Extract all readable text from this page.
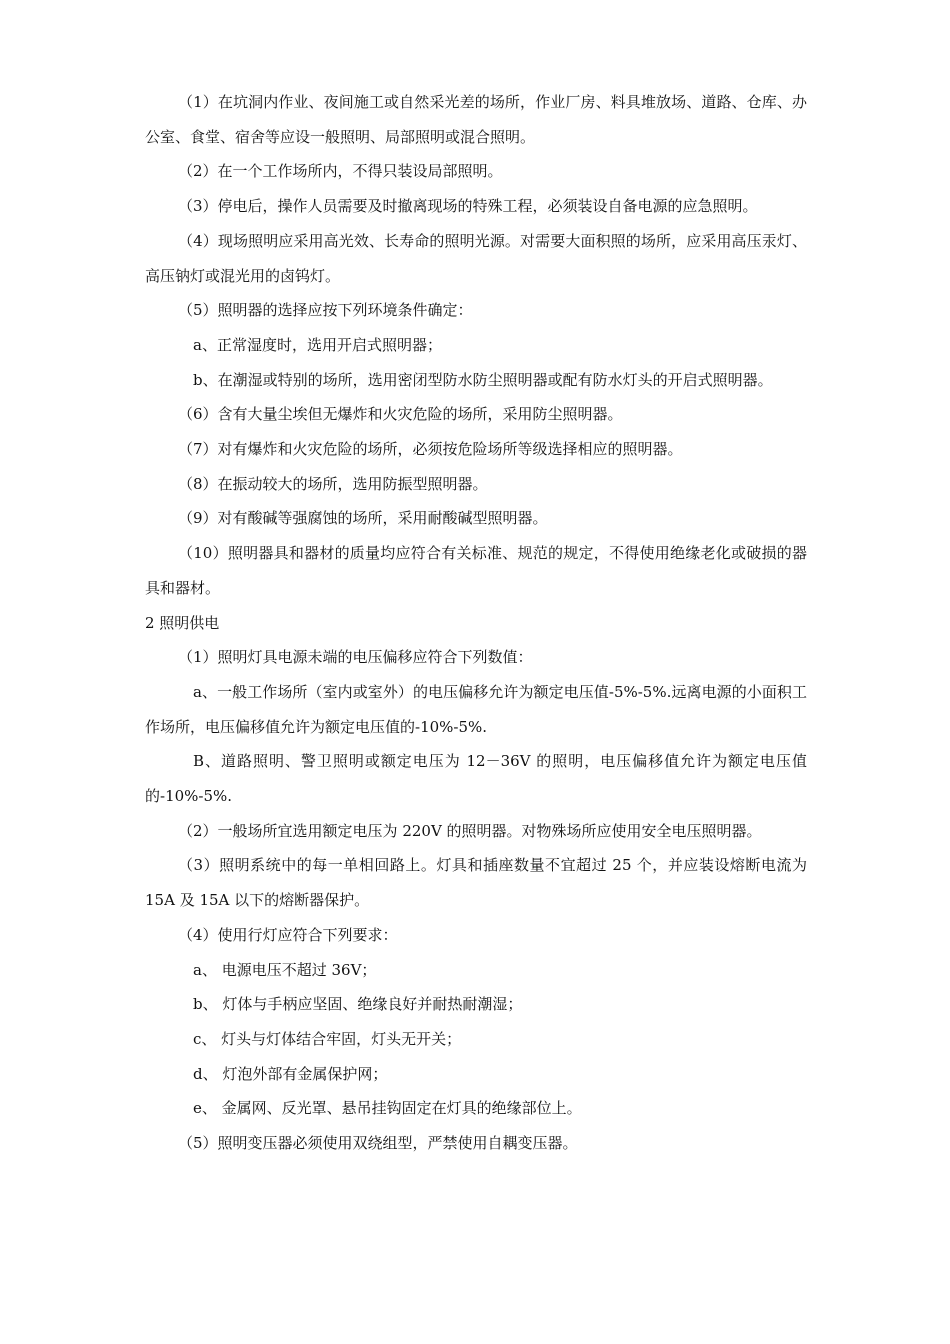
（1）在坑洞内作业、夜间施工或自然采光差的场所，作业厂房、料具堆放场、道路、仓库、办公室、食堂、宿舍等应设一般照明、局部照明或混合照明。

（2）在一个工作场所内，不得只装设局部照明。

（3）停电后，操作人员需要及时撤离现场的特殊工程，必须装设自备电源的应急照明。

（4）现场照明应采用高光效、长寿命的照明光源。对需要大面积照的场所，应采用高压汞灯、高压钠灯或混光用的卤钨灯。

（5）照明器的选择应按下列环境条件确定：

a、正常湿度时，选用开启式照明器；

b、在潮湿或特别的场所，选用密闭型防水防尘照明器或配有防水灯头的开启式照明器。

（6）含有大量尘埃但无爆炸和火灾危险的场所，采用防尘照明器。

（7）对有爆炸和火灾危险的场所，必须按危险场所等级选择相应的照明器。

（8）在振动较大的场所，选用防振型照明器。

（9）对有酸碱等强腐蚀的场所，采用耐酸碱型照明器。

（10）照明器具和器材的质量均应符合有关标准、规范的规定，不得使用绝缘老化或破损的器具和器材。

2 照明供电

（1）照明灯具电源未端的电压偏移应符合下列数值：

a、一般工作场所（室内或室外）的电压偏移允许为额定电压值-5%-5%.远离电源的小面积工作场所，电压偏移值允许为额定电压值的-10%-5%.

B、道路照明、警卫照明或额定电压为 12－36V 的照明，电压偏移值允许为额定电压值的-10%-5%.

（2）一般场所宜选用额定电压为 220V 的照明器。对物殊场所应使用安全电压照明器。

（3）照明系统中的每一单相回路上。灯具和插座数量不宜超过 25 个，并应装设熔断电流为 15A 及 15A 以下的熔断器保护。

（4）使用行灯应符合下列要求：

a、 电源电压不超过 36V；

b、 灯体与手柄应坚固、绝缘良好并耐热耐潮湿；

c、 灯头与灯体结合牢固，灯头无开关；

d、 灯泡外部有金属保护网；

e、 金属网、反光罩、悬吊挂钩固定在灯具的绝缘部位上。

（5）照明变压器必须使用双绕组型，严禁使用自耦变压器。
